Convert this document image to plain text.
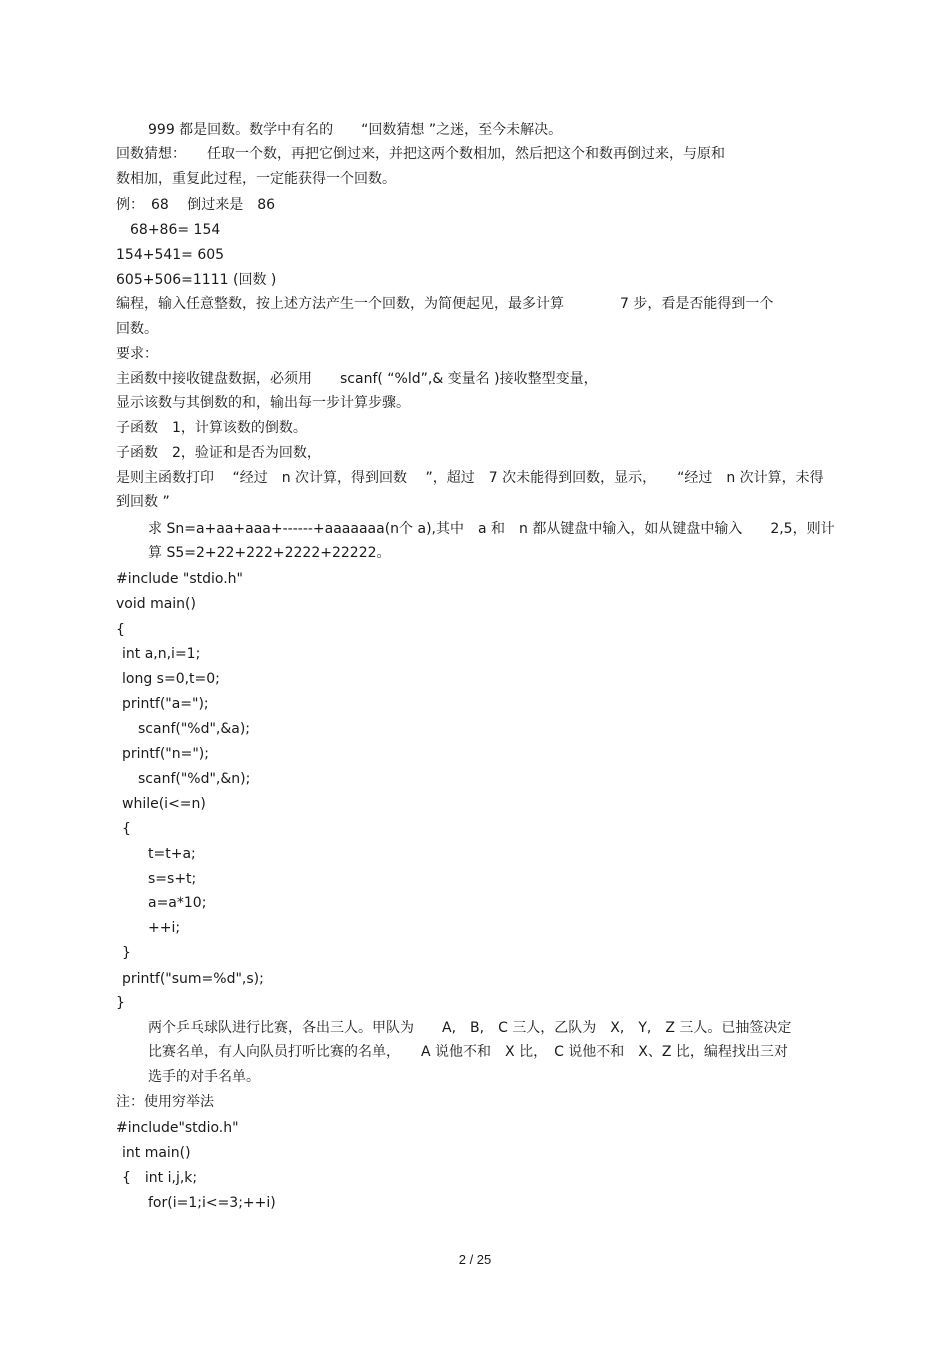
999 都是回数。数学中有名的　　“回数猜想 ”之迷，至今未解决。
回数猜想：　　任取一个数，再把它倒过来，并把这两个数相加，然后把这个和数再倒过来，与原和
数相加，重复此过程，一定能获得一个回数。
例：　68　 倒过来是　86
68+86= 154
154+541= 605
605+506=1111 (回数 )
编程，输入任意整数，按上述方法产生一个回数，为简便起见，最多计算　　　　7 步，看是否能得到一个
回数。
要求：
主函数中接收键盘数据，必须用　　scanf( “%ld”,& 变量名 )接收整型变量，
显示该数与其倒数的和，输出每一步计算步骤。
子函数　1，计算该数的倒数。
子函数　2，验证和是否为回数，
是则主函数打印　 “经过　n 次计算，得到回数　 ”，超过　7 次未能得到回数，显示，　　“经过　n 次计算，未得
到回数 ”
求 Sn=a+aa+aaa+------+aaaaaaa(n个 a),其中　a 和　n 都从键盘中输入，如从键盘中输入　　2,5，则计
算 S5=2+22+222+2222+22222。
#include "stdio.h"
void main()
{
int a,n,i=1;
long s=0,t=0;
printf("a=");
scanf("%d",&a);
printf("n=");
scanf("%d",&n);
while(i<=n)
{
t=t+a;
s=s+t;
a=a*10;
++i;
}
printf("sum=%d",s);
}
两个乒乓球队进行比赛，各出三人。甲队为　　A,　B,　C 三人，乙队为　X,　Y,　Z 三人。已抽签决定
比赛名单，有人向队员打听比赛的名单，　　A 说他不和　X 比，　C 说他不和　X、Z 比，编程找出三对
选手的对手名单。
注：使用穷举法
#include"stdio.h"
int main()
{　int i,j,k;
for(i=1;i<=3;++i)
2 / 25
